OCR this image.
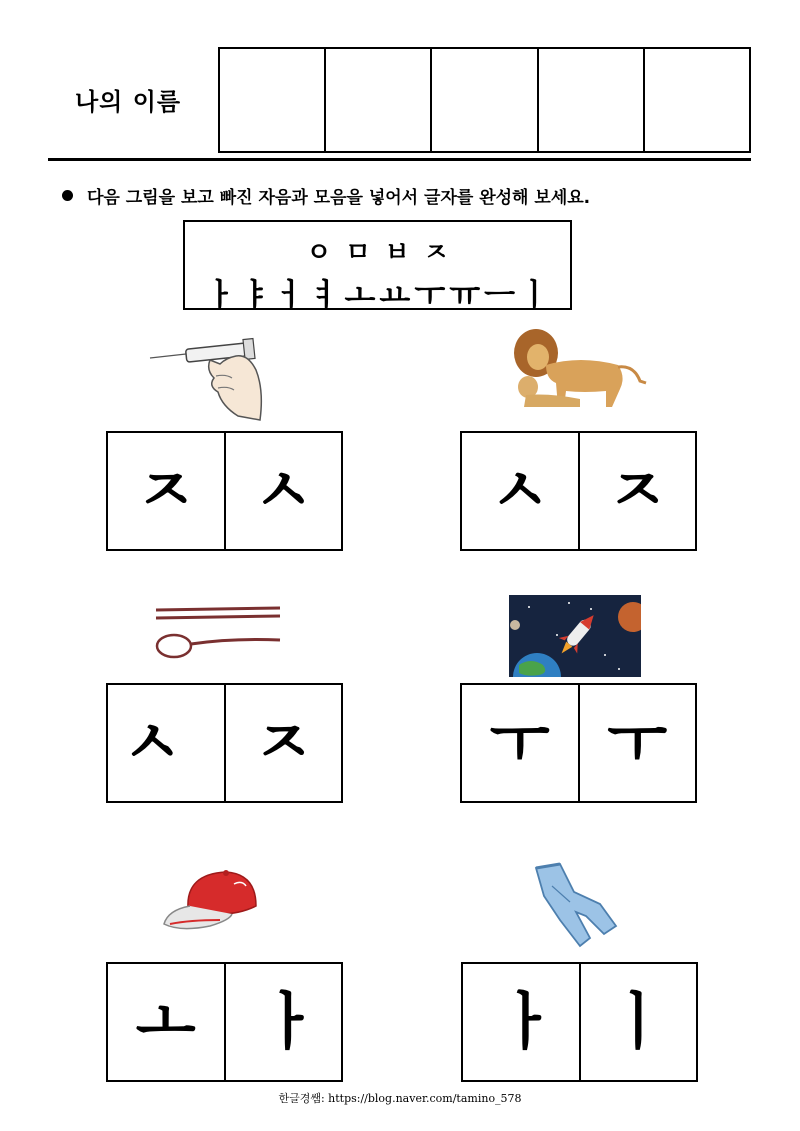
나의 이름
다음 그림을 보고 빠진 자음과 모음을 넣어서 글자를 완성해 보세요.
ㅇㅁㅂㅈ
ㅏ ㅑ ㅓ ㅕ ㅗ ㅛ ㅜ ㅠ ㅡ ㅣ
ㅈ ㅅ	ㅅ ㅈ
ㅅ	ㅈ	ㅜ ㅜ
ㅗ	ㅏ	ㅏ ㅣ
한글경쌤: https://blog.naver.com/tamino_578
